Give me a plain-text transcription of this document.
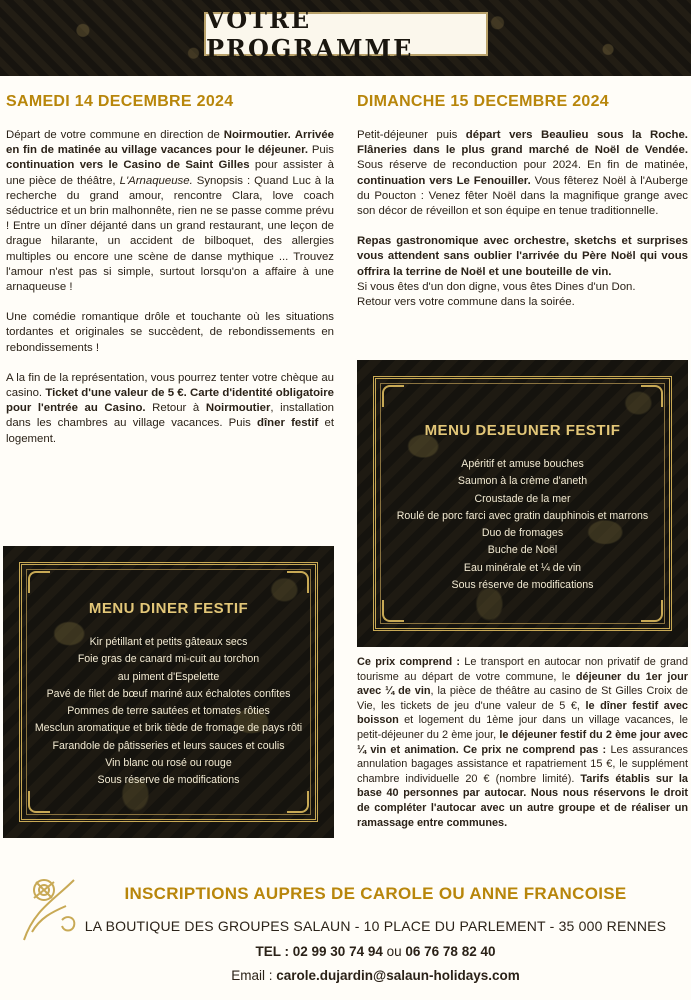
VOTRE PROGRAMME
SAMEDI 14 DECEMBRE 2024

Départ de votre commune en direction de Noirmoutier. Arrivée en fin de matinée au village vacances pour le déjeuner. Puis continuation vers le Casino de Saint Gilles pour assister à une pièce de théâtre, L'Arnaqueuse. Synopsis : Quand Luc à la recherche du grand amour, rencontre Clara, love coach séductrice et un brin malhonnête, rien ne se passe comme prévu ! Entre un dîner déjanté dans un grand restaurant, une leçon de drague hilarante, un accident de bilboquet, des allergies multiples ou encore une scène de danse mythique ... Trouvez l'amour n'est pas si simple, surtout lorsqu'on a affaire à une arnaqueuse !

Une comédie romantique drôle et touchante où les situations tordantes et originales se succèdent, de rebondissements en rebondissements !

A la fin de la représentation, vous pourrez tenter votre chèque au casino. Ticket d'une valeur de 5 €. Carte d'identité obligatoire pour l'entrée au Casino. Retour à Noirmoutier, installation dans les chambres au village vacances. Puis dîner festif et logement.

MENU DINER FESTIF
Kir pétillant et petits gâteaux secs
Foie gras de canard mi-cuit au torchon
au piment d'Espelette
Pavé de filet de bœuf mariné aux échalotes confites
Pommes de terre sautées et tomates rôties
Mesclun aromatique et brik tiède de fromage de pays rôti
Farandole de pâtisseries et leurs sauces et coulis
Vin blanc ou rosé ou rouge
Sous réserve de modifications
DIMANCHE 15 DECEMBRE 2024

Petit-déjeuner puis départ vers Beaulieu sous la Roche. Flâneries dans le plus grand marché de Noël de Vendée. Sous réserve de reconduction pour 2024. En fin de matinée, continuation vers Le Fenouiller. Vous fêterez Noël à l'Auberge du Poucton : Venez fêter Noël dans la magnifique grange avec son décor de réveillon et son équipe en tenue traditionnelle.

Repas gastronomique avec orchestre, sketchs et surprises vous attendent sans oublier l'arrivée du Père Noël qui vous offrira la terrine de Noël et une bouteille de vin.
Si vous êtes d'un don digne, vous êtes Dines d'un Don.
Retour vers votre commune dans la soirée.

MENU DEJEUNER FESTIF
Apéritif et amuse bouches
Saumon à la crème d'aneth
Croustade de la mer
Roulé de porc farci avec gratin dauphinois et marrons
Duo de fromages
Buche de Noël
Eau minérale et ¼ de vin
Sous réserve de modifications
Ce prix comprend : Le transport en autocar non privatif de grand tourisme au départ de votre commune, le déjeuner du 1er jour avec ¼ de vin, la pièce de théâtre au casino de St Gilles Croix de Vie, les tickets de jeu d'une valeur de 5 €, le dîner festif avec boisson et logement du 1ème jour dans un village vacances, le petit-déjeuner du 2 ème jour, le déjeuner festif du 2 ème jour avec ¼ vin et animation. Ce prix ne comprend pas : Les assurances annulation bagages assistance et rapatriement 15 €, le supplément chambre individuelle 20 € (nombre limité). Tarifs établis sur la base 40 personnes par autocar. Nous nous réservons le droit de compléter l'autocar avec un autre groupe et de réaliser un ramassage entre communes.
INSCRIPTIONS AUPRES DE CAROLE OU ANNE FRANCOISE
LA BOUTIQUE DES GROUPES SALAUN - 10 PLACE DU PARLEMENT - 35 000 RENNES
TEL : 02 99 30 74 94 ou 06 76 78 82 40
Email : carole.dujardin@salaun-holidays.com
